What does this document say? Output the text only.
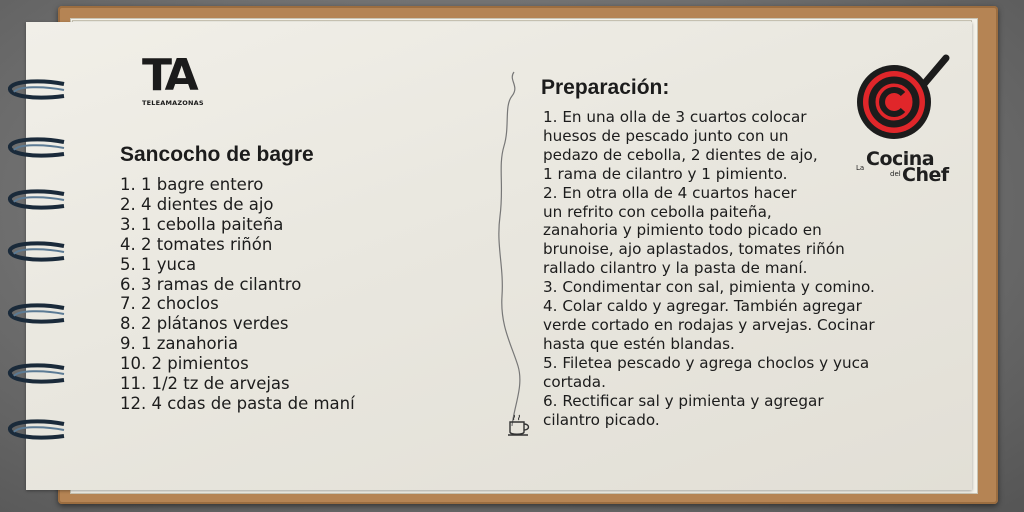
TA
TELEAMAZONAS
Sancocho de bagre
1. 1 bagre entero
2. 4 dientes de ajo
3. 1 cebolla paiteña
4. 2 tomates riñón
5. 1 yuca
6. 3 ramas de cilantro
7. 2 choclos
8. 2 plátanos verdes
9. 1 zanahoria
10. 2 pimientos
11. 1/2 tz de arvejas
12. 4 cdas de pasta de maní
Preparación:
1. En una olla de 3 cuartos colocar
huesos de pescado junto con un
pedazo de cebolla, 2 dientes de ajo,
1 rama de cilantro y 1 pimiento.
2. En otra olla de 4 cuartos hacer
un refrito con cebolla paiteña,
zanahoria y pimiento todo picado en
brunoise, ajo aplastados, tomates riñón
rallado cilantro y la pasta de maní.
3. Condimentar con sal, pimienta y comino.
4. Colar caldo y agregar. También agregar
verde cortado en rodajas y arvejas. Cocinar
hasta que estén blandas.
5. Filetea pescado y agrega choclos y yuca
cortada.
6. Rectificar sal y pimienta y agregar
cilantro picado.
La Cocina
del Chef
